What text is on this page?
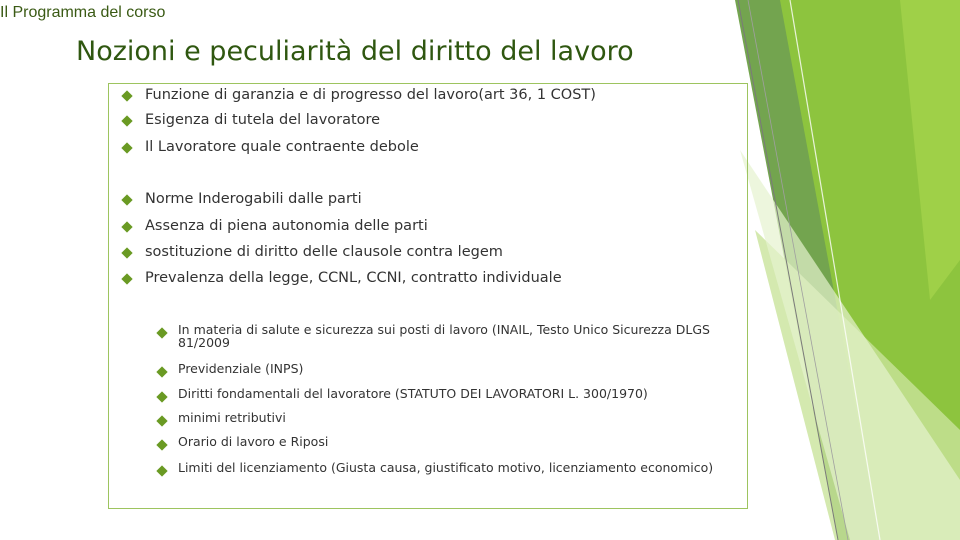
Il Programma del corso
Nozioni e peculiarità del diritto del lavoro
Funzione di garanzia e di progresso del lavoro(art 36, 1 COST)
Esigenza di tutela del lavoratore
Il Lavoratore quale contraente debole
Norme Inderogabili dalle parti
Assenza di piena autonomia delle parti
sostituzione di diritto delle clausole contra legem
Prevalenza della legge, CCNL, CCNI, contratto individuale
In materia di salute e sicurezza sui posti di lavoro (INAIL, Testo Unico Sicurezza DLGS 81/2009
Previdenziale (INPS)
Diritti fondamentali del lavoratore (STATUTO DEI LAVORATORI L. 300/1970)
minimi retributivi
Orario di lavoro e Riposi
Limiti del licenziamento (Giusta causa, giustificato motivo, licenziamento economico)
